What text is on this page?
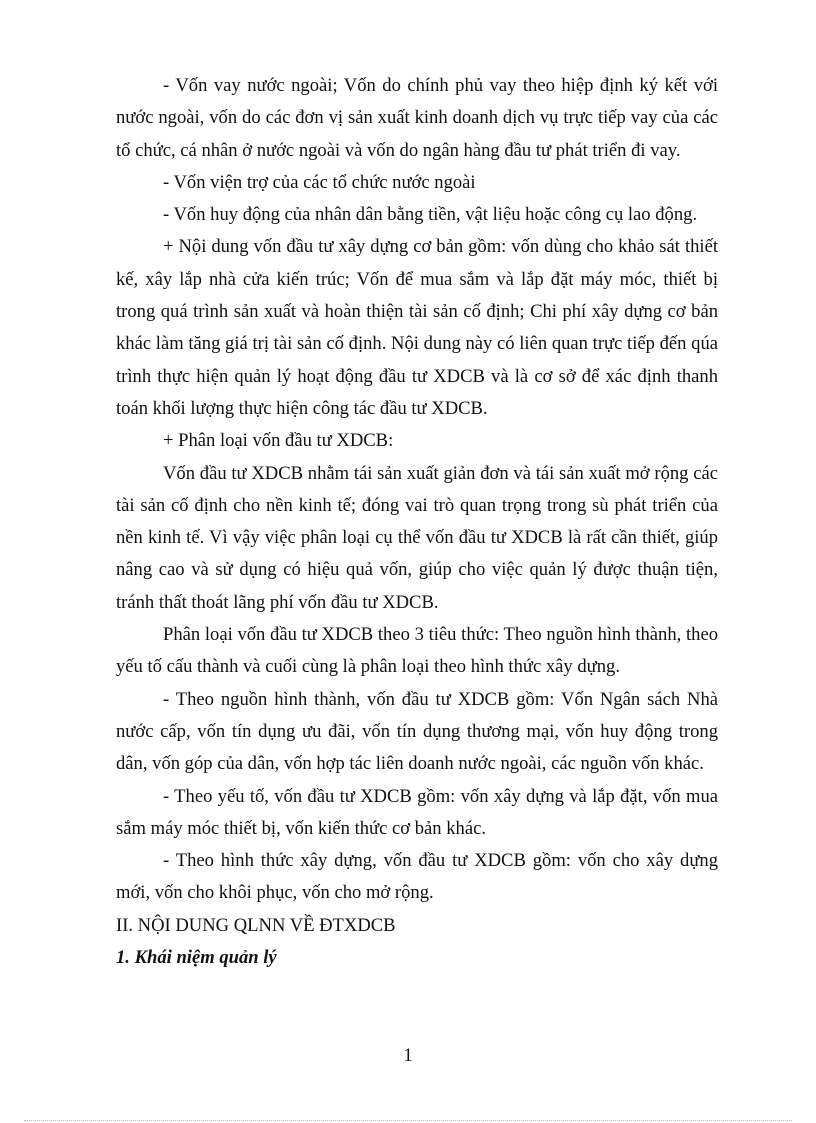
- Vốn vay nước ngoài; Vốn do chính phủ vay theo hiệp định ký kết với nước ngoài, vốn do các đơn vị sản xuất kinh doanh dịch vụ trực tiếp vay của các tổ chức, cá nhân ở nước ngoài và vốn do ngân hàng đầu tư phát triển đi vay.

- Vốn viện trợ của các tổ chức nước ngoài

- Vốn huy động của nhân dân bằng tiền, vật liệu hoặc công cụ lao động.

+ Nội dung vốn đầu tư xây dựng cơ bản gồm: vốn dùng cho khảo sát thiết kế, xây lắp nhà cửa kiến trúc; Vốn để mua sắm và lắp đặt máy móc, thiết bị trong quá trình sản xuất và hoàn thiện tài sản cố định; Chi phí xây dựng cơ bản khác làm tăng giá trị tài sản cố định. Nội dung này có liên quan trực tiếp đến qúa trình thực hiện quản lý hoạt động đầu tư XDCB và là cơ sở để xác định thanh toán khối lượng thực hiện công tác đầu tư XDCB.

+ Phân loại vốn đầu tư XDCB:

Vốn đầu tư XDCB nhằm tái sản xuất giản đơn và tái sản xuất mở rộng các tài sản cố định cho nền kinh tế; đóng vai trò quan trọng trong sù phát triển của nền kinh tế. Vì vậy việc phân loại cụ thể vốn đầu tư XDCB là rất cần thiết, giúp nâng cao và sử dụng có hiệu quả vốn, giúp cho việc quản lý được thuận tiện, tránh thất thoát lãng phí vốn đầu tư XDCB.

Phân loại vốn đầu tư XDCB theo 3 tiêu thức: Theo nguồn hình thành, theo yếu tố cấu thành và cuối cùng là phân loại theo hình thức xây dựng.

- Theo nguồn hình thành, vốn đầu tư XDCB gồm: Vốn Ngân sách Nhà nước cấp, vốn tín dụng ưu đãi, vốn tín dụng thương mại, vốn huy động trong dân, vốn góp của dân, vốn hợp tác liên doanh nước ngoài, các nguồn vốn khác.

- Theo yếu tố, vốn đầu tư XDCB gồm: vốn xây dựng và lắp đặt, vốn mua sắm máy móc thiết bị, vốn kiến thức cơ bản khác.

- Theo hình thức xây dựng, vốn đầu tư XDCB gồm: vốn cho xây dựng mới, vốn cho khôi phục, vốn cho mở rộng.

II. NỘI DUNG QLNN VỀ ĐTXDCB

1. Khái niệm quản lý

1
